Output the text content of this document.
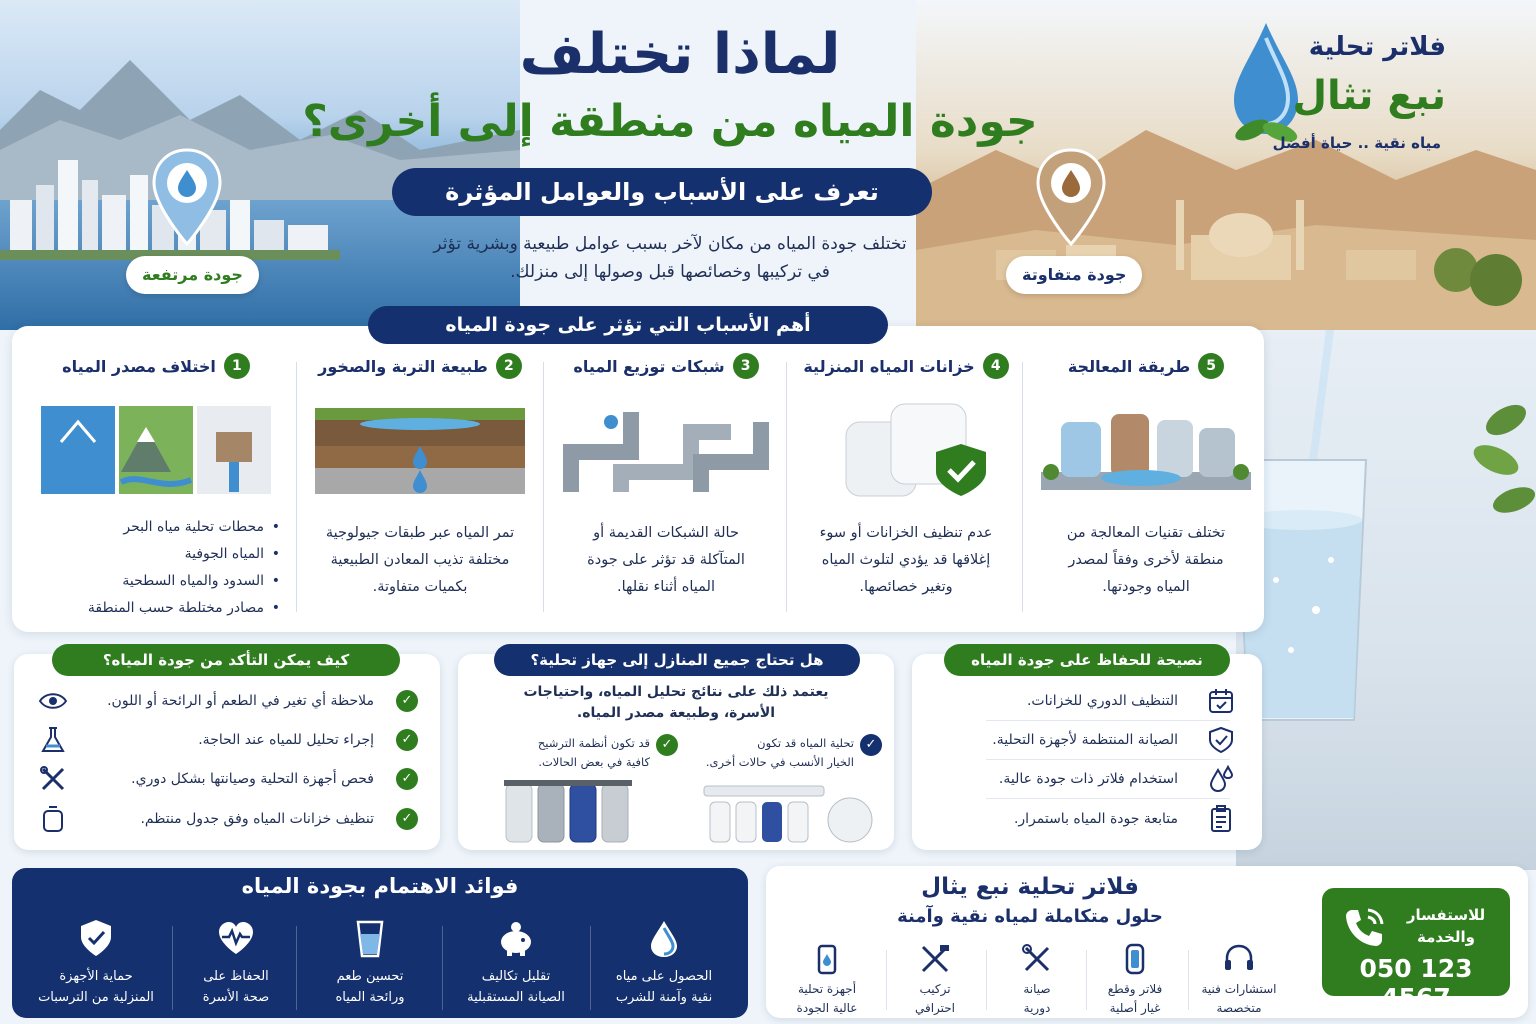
لماذا تختلف
جودة المياه من منطقة إلى أخرى؟
تعرف على الأسباب والعوامل المؤثرة
تختلف جودة المياه من مكان لآخر بسبب عوامل طبيعية وبشرية تؤثر
في تركيبها وخصائصها قبل وصولها إلى منزلك.
فلاتر تحلية
نبع تثال
مياه نقية .. حياة أفضل
جودة مرتفعة	جودة متفاوتة
أهم الأسباب التي تؤثر على جودة المياه
5
طريقة المعالجة
تختلف تقنيات المعالجة من
منطقة لأخرى وفقاً لمصدر
المياه وجودتها.
4
خزانات المياه المنزلية
عدم تنظيف الخزانات أو سوء
إغلاقها قد يؤدي لتلوث المياه
وتغير خصائصها.
3
شبكات توزيع المياه
حالة الشبكات القديمة أو
المتآكلة قد تؤثر على جودة
المياه أثناء نقلها.
2
طبيعة التربة والصخور
تمر المياه عبر طبقات جيولوجية
مختلفة تذيب المعادن الطبيعية
بكميات متفاوتة.
1
اختلاف مصدر المياه
• محطات تحلية مياه البحر
• المياه الجوفية
• السدود والمياه السطحية
• مصادر مختلطة حسب المنطقة
نصيحة للحفاظ على جودة المياه
التنظيف الدوري للخزانات.
الصيانة المنتظمة لأجهزة التحلية.
استخدام فلاتر ذات جودة عالية.
متابعة جودة المياه باستمرار.
هل تحتاج جميع المنازل إلى جهاز تحلية؟
يعتمد ذلك على نتائج تحليل المياه، واحتياجات
الأسرة، وطبيعة مصدر المياه.
✓
تحلية المياه قد تكون
الخيار الأنسب في حالات أخرى.
✓
قد تكون أنظمة الترشيح
كافية في بعض الحالات.
كيف يمكن التأكد من جودة المياه؟
✓
ملاحظة أي تغير في الطعم أو الرائحة أو اللون.
✓
إجراء تحليل للمياه عند الحاجة.
✓
فحص أجهزة التحلية وصيانتها بشكل دوري.
✓
تنظيف خزانات المياه وفق جدول منتظم.
فوائد الاهتمام بجودة المياه
الحصول على مياه
نقية وآمنة للشرب
تقليل تكاليف
الصيانة المستقبلية
تحسين طعم
ورائحة المياه
الحفاظ على
صحة الأسرة
حماية الأجهزة
المنزلية من الترسبات
فلاتر تحلية نبع يثال
حلول متكاملة لمياه نقية وآمنة
استشارات فنية
متخصصة
فلاتر وقطع
غيار أصلية
صيانة
دورية
تركيب
احترافي
أجهزة تحلية
عالية الجودة
للاستفسار
والخدمة
050 123 4567
